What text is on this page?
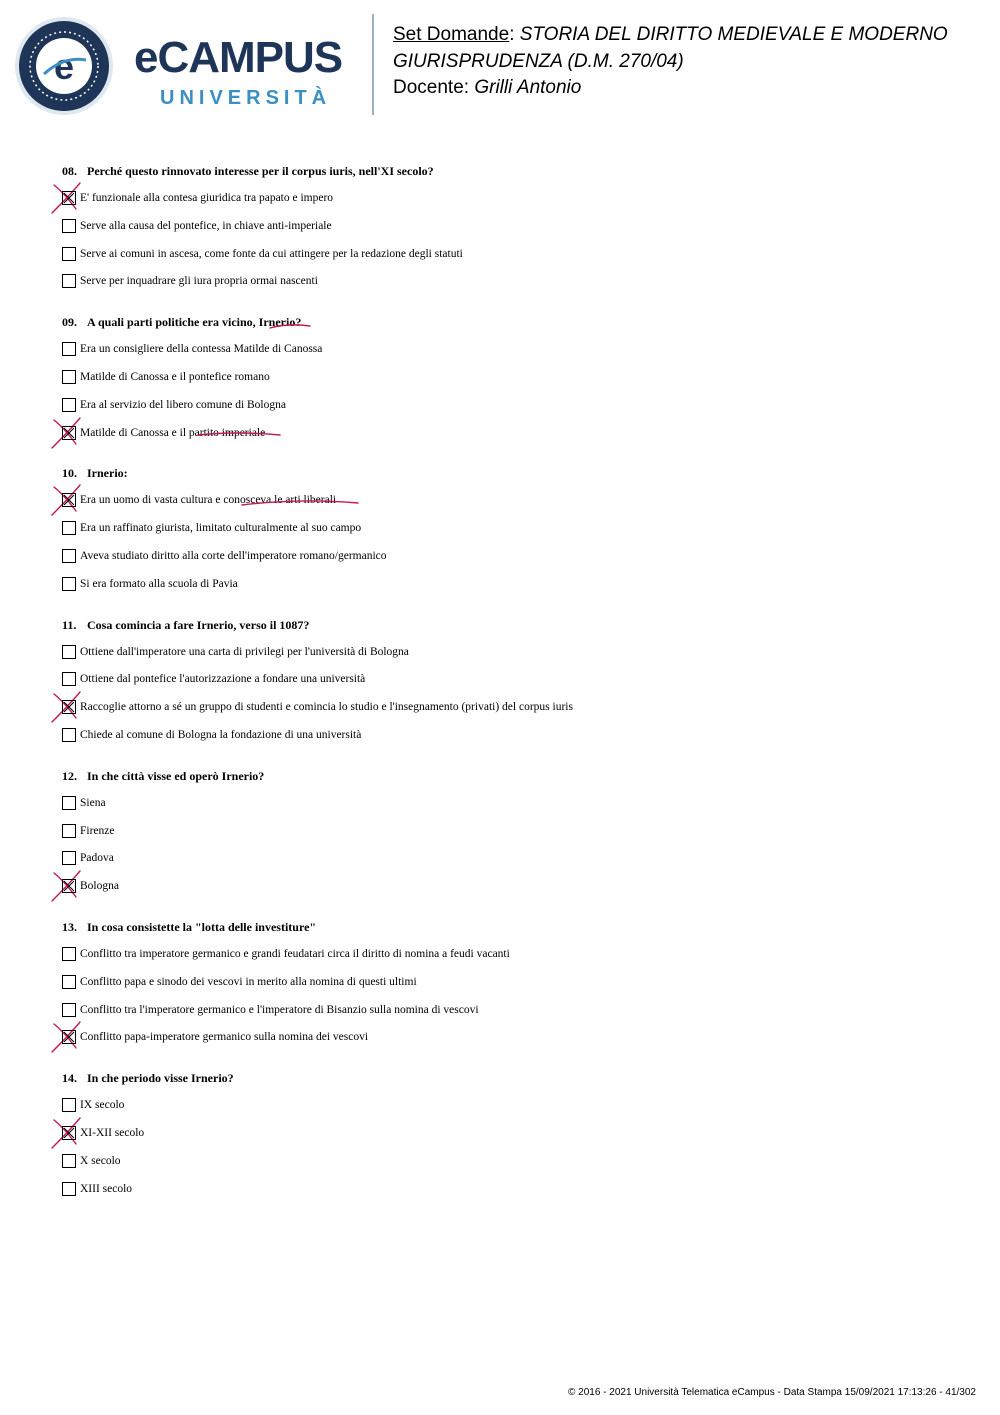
e eCAMPUS
UNIVERSITÀ
Set Domande: STORIA DEL DIRITTO MEDIEVALE E MODERNO
GIURISPRUDENZA (D.M. 270/04)
Docente: Grilli Antonio
08. Perché questo rinnovato interesse per il corpus iuris, nell'XI secolo?
E' funzionale alla contesa giuridica tra papato e impero
Serve alla causa del pontefice, in chiave anti-imperiale
Serve ai comuni in ascesa, come fonte da cui attingere per la redazione degli statuti
Serve per inquadrare gli iura propria ormai nascenti
09. A quali parti politiche era vicino, Irnerio?
Era un consigliere della contessa Matilde di Canossa
Matilde di Canossa e il pontefice romano
Era al servizio del libero comune di Bologna
Matilde di Canossa e il partito imperiale
10. Irnerio:
Era un uomo di vasta cultura e conosceva le arti liberali
Era un raffinato giurista, limitato culturalmente al suo campo
Aveva studiato diritto alla corte dell'imperatore romano/germanico
Si era formato alla scuola di Pavia
11. Cosa comincia a fare Irnerio, verso il 1087?
Ottiene dall'imperatore una carta di privilegi per l'università di Bologna
Ottiene dal pontefice l'autorizzazione a fondare una università
Raccoglie attorno a sé un gruppo di studenti e comincia lo studio e l'insegnamento (privati) del corpus iuris
Chiede al comune di Bologna la fondazione di una università
12. In che città visse ed operò Irnerio?
Siena
Firenze
Padova
Bologna
13. In cosa consistette la "lotta delle investiture"
Conflitto tra imperatore germanico e grandi feudatari circa il diritto di nomina a feudi vacanti
Conflitto papa e sinodo dei vescovi in merito alla nomina di questi ultimi
Conflitto tra l'imperatore germanico e l'imperatore di Bisanzio sulla nomina di vescovi
Conflitto papa-imperatore germanico sulla nomina dei vescovi
14. In che periodo visse Irnerio?
IX secolo
XI-XII secolo
X secolo
XIII secolo
© 2016 - 2021 Università Telematica eCampus - Data Stampa 15/09/2021 17:13:26 - 41/302
